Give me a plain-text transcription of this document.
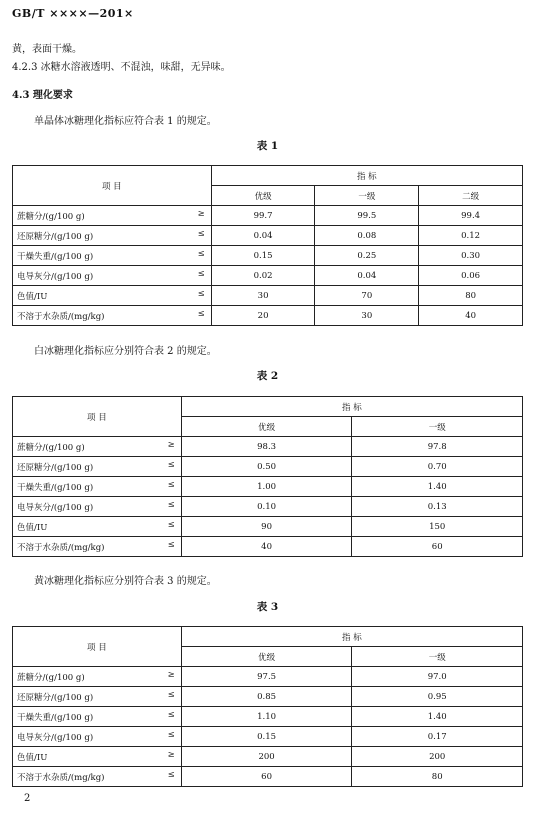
GB/T ××××—201×
黄，表面干燥。
4.2.3 冰糖水溶液透明、不混浊，味甜，无异味。
4.3 理化要求
单晶体冰糖理化指标应符合表 1 的规定。
表 1
项 目	指 标		
	优级	一级	二级
蔗糖分/(g/100 g) ≥	99.7	99.5	99.4
还原糖分/(g/100 g) ≤	0.04	0.08	0.12
干燥失重/(g/100 g) ≤	0.15	0.25	0.30
电导灰分/(g/100 g) ≤	0.02	0.04	0.06
色值/IU ≤	30	70	80
不溶于水杂质/(mg/kg) ≤	20	30	40
白冰糖理化指标应分别符合表 2 的规定。
表 2
项 目	指 标	
	优级	一级
蔗糖分/(g/100 g) ≥	98.3	97.8
还原糖分/(g/100 g) ≤	0.50	0.70
干燥失重/(g/100 g) ≤	1.00	1.40
电导灰分/(g/100 g) ≤	0.10	0.13
色值/IU ≤	90	150
不溶于水杂质/(mg/kg) ≤	40	60
黄冰糖理化指标应分别符合表 3 的规定。
表 3
项 目	指 标	
	优级	一级
蔗糖分/(g/100 g) ≥	97.5	97.0
还原糖分/(g/100 g) ≤	0.85	0.95
干燥失重/(g/100 g) ≤	1.10	1.40
电导灰分/(g/100 g) ≤	0.15	0.17
色值/IU ≥	200	200
不溶于水杂质/(mg/kg) ≤	60	80
2
